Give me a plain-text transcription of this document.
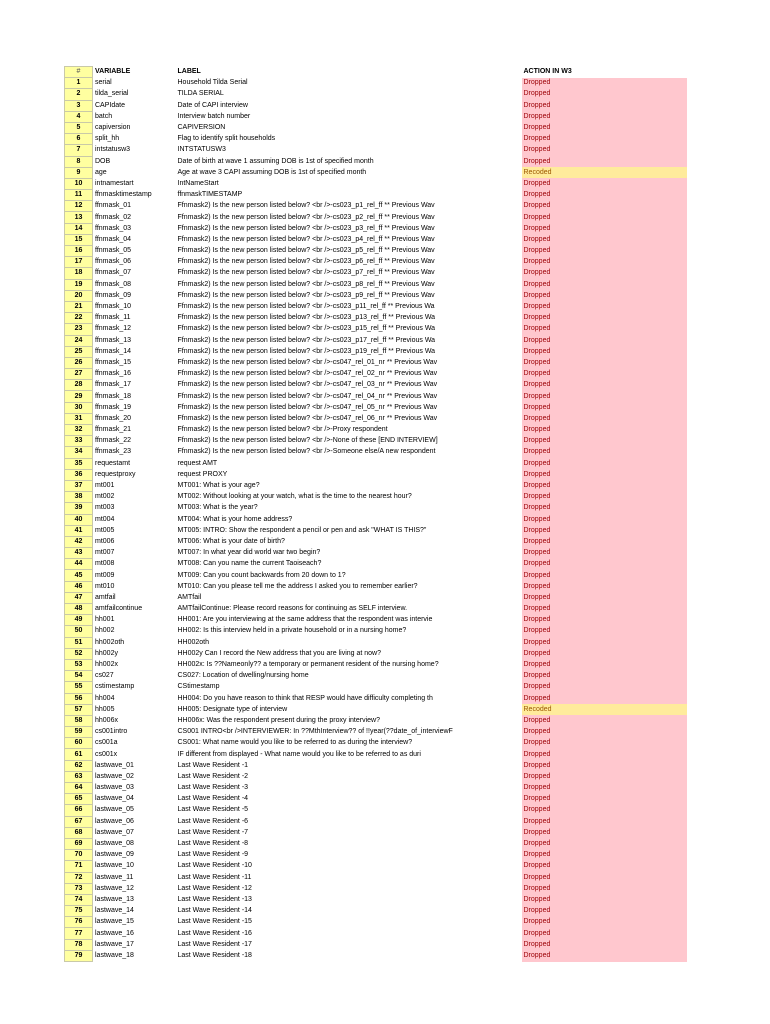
#	VARIABLE	LABEL		ACTION IN W3
1	serial	Household Tilda Serial		Dropped
2	tilda_serial	TILDA SERIAL		Dropped
3	CAPIdate	Date of CAPI interview		Dropped
4	batch	Interview batch number		Dropped
5	capiversion	CAPIVERSION		Dropped
6	split_hh	Flag to identify split households		Dropped
7	intstatusw3	INTSTATUSW3		Dropped
8	DOB	Date of birth at wave 1 assuming DOB is 1st of specified month		Dropped
9	age	Age at wave 3 CAPI assuming DOB is 1st of specified month		Recoded
10	intnamestart	IntNameStart		Dropped
11	ffnmasktimestamp	ffnmaskTIMESTAMP		Dropped
12	ffnmask_01	Ffnmask2) Is the new person listed below? <br />-cs023_p1_rel_ff ** Previous Wav		Dropped
13	ffnmask_02	Ffnmask2) Is the new person listed below? <br />-cs023_p2_rel_ff ** Previous Wav		Dropped
14	ffnmask_03	Ffnmask2) Is the new person listed below? <br />-cs023_p3_rel_ff ** Previous Wav		Dropped
15	ffnmask_04	Ffnmask2) Is the new person listed below? <br />-cs023_p4_rel_ff ** Previous Wav		Dropped
16	ffnmask_05	Ffnmask2) Is the new person listed below? <br />-cs023_p5_rel_ff ** Previous Wav		Dropped
17	ffnmask_06	Ffnmask2) Is the new person listed below? <br />-cs023_p6_rel_ff ** Previous Wav		Dropped
18	ffnmask_07	Ffnmask2) Is the new person listed below? <br />-cs023_p7_rel_ff ** Previous Wav		Dropped
19	ffnmask_08	Ffnmask2) Is the new person listed below? <br />-cs023_p8_rel_ff ** Previous Wav		Dropped
20	ffnmask_09	Ffnmask2) Is the new person listed below? <br />-cs023_p9_rel_ff ** Previous Wav		Dropped
21	ffnmask_10	Ffnmask2) Is the new person listed below? <br />-cs023_p11_rel_ff ** Previous Wa		Dropped
22	ffnmask_11	Ffnmask2) Is the new person listed below? <br />-cs023_p13_rel_ff ** Previous Wa		Dropped
23	ffnmask_12	Ffnmask2) Is the new person listed below? <br />-cs023_p15_rel_ff ** Previous Wa		Dropped
24	ffnmask_13	Ffnmask2) Is the new person listed below? <br />-cs023_p17_rel_ff ** Previous Wa		Dropped
25	ffnmask_14	Ffnmask2) Is the new person listed below? <br />-cs023_p19_rel_ff ** Previous Wa		Dropped
26	ffnmask_15	Ffnmask2) Is the new person listed below? <br />-cs047_rel_01_nr ** Previous Wav		Dropped
27	ffnmask_16	Ffnmask2) Is the new person listed below? <br />-cs047_rel_02_nr ** Previous Wav		Dropped
28	ffnmask_17	Ffnmask2) Is the new person listed below? <br />-cs047_rel_03_nr ** Previous Wav		Dropped
29	ffnmask_18	Ffnmask2) Is the new person listed below? <br />-cs047_rel_04_nr ** Previous Wav		Dropped
30	ffnmask_19	Ffnmask2) Is the new person listed below? <br />-cs047_rel_05_nr ** Previous Wav		Dropped
31	ffnmask_20	Ffnmask2) Is the new person listed below? <br />-cs047_rel_06_nr ** Previous Wav		Dropped
32	ffnmask_21	Ffnmask2) Is the new person listed below? <br />-Proxy respondent		Dropped
33	ffnmask_22	Ffnmask2) Is the new person listed below? <br />-None of these [END INTERVIEW]		Dropped
34	ffnmask_23	Ffnmask2) Is the new person listed below? <br />-Someone else/A new respondent		Dropped
35	requestamt	request AMT		Dropped
36	requestproxy	request PROXY		Dropped
37	mt001	MT001: What is your age?		Dropped
38	mt002	MT002: Without looking at your watch, what is the time to the nearest hour?		Dropped
39	mt003	MT003: What is the year?		Dropped
40	mt004	MT004: What is your home address?		Dropped
41	mt005	MT005: INTRO: Show the respondent a pencil or pen and ask "WHAT IS THIS?"		Dropped
42	mt006	MT006: What is your date of birth?		Dropped
43	mt007	MT007: In what year did world war two begin?		Dropped
44	mt008	MT008: Can you name the current Taoiseach?		Dropped
45	mt009	MT009: Can you count backwards from 20 down to 1?		Dropped
46	mt010	MT010: Can you please tell me the address I asked you to remember earlier?		Dropped
47	amtfail	AMTfail		Dropped
48	amtfailcontinue	AMTfailContinue: Please record reasons for continuing as SELF interview.		Dropped
49	hh001	HH001: Are you interviewing at the same address that the respondent was intervie		Dropped
50	hh002	HH002: Is this interview held in a private household or in a nursing home?		Dropped
51	hh002oth	HH002oth		Dropped
52	hh002y	HH002y Can I record the New address that you are living at now?		Dropped
53	hh002x	HH002x: Is ??Nameonly?? a temporary or permanent resident of the nursing home?		Dropped
54	cs027	CS027: Location of dwelling/nursing home		Dropped
55	cstimestamp	CStimestamp		Dropped
56	hh004	HH004: Do you have reason to think that RESP would have difficulty completing th		Dropped
57	hh005	HH005: Designate type of interview		Recoded
58	hh006x	HH006x: Was the respondent present during the proxy interview?		Dropped
59	cs001intro	CS001 INTRO<br />INTERVIEWER: In ??MthInterview?? of !!year(??date_of_interviewF		Dropped
60	cs001a	CS001: What name would you like to be referred to as during the interview?		Dropped
61	cs001x	IF different from displayed - What name would you like to be referred to as duri		Dropped
62	lastwave_01	Last Wave Resident -1		Dropped
63	lastwave_02	Last Wave Resident -2		Dropped
64	lastwave_03	Last Wave Resident -3		Dropped
65	lastwave_04	Last Wave Resident -4		Dropped
66	lastwave_05	Last Wave Resident -5		Dropped
67	lastwave_06	Last Wave Resident -6		Dropped
68	lastwave_07	Last Wave Resident -7		Dropped
69	lastwave_08	Last Wave Resident -8		Dropped
70	lastwave_09	Last Wave Resident -9		Dropped
71	lastwave_10	Last Wave Resident -10		Dropped
72	lastwave_11	Last Wave Resident -11		Dropped
73	lastwave_12	Last Wave Resident -12		Dropped
74	lastwave_13	Last Wave Resident -13		Dropped
75	lastwave_14	Last Wave Resident -14		Dropped
76	lastwave_15	Last Wave Resident -15		Dropped
77	lastwave_16	Last Wave Resident -16		Dropped
78	lastwave_17	Last Wave Resident -17		Dropped
79	lastwave_18	Last Wave Resident -18		Dropped
